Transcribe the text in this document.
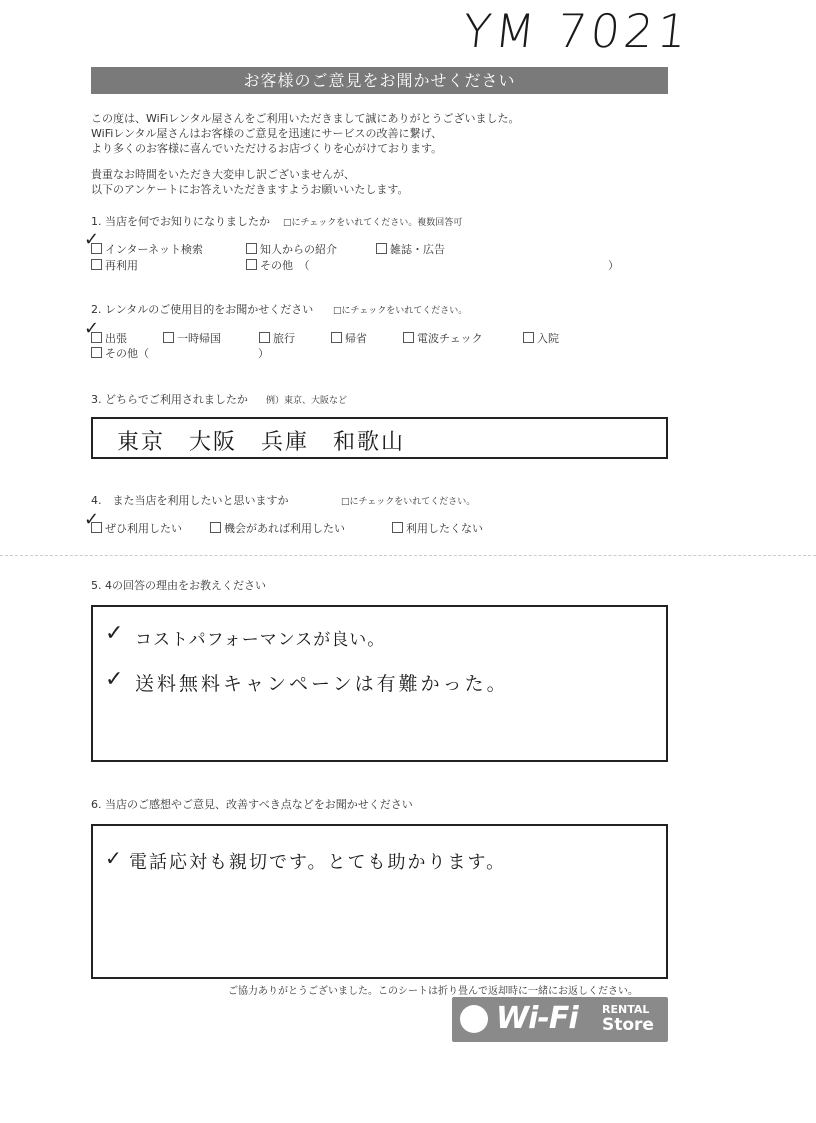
YM 7021
お客様のご意見をお聞かせください
この度は、WiFiレンタル屋さんをご利用いただきまして誠にありがとうございました。
WiFiレンタル屋さんはお客様のご意見を迅速にサービスの改善に繋げ、
より多くのお客様に喜んでいただけるお店づくりを心がけております。
貴重なお時間をいただき大変申し訳ございませんが、
以下のアンケートにお答えいただきますようお願いいたします。
1. 当店を何でお知りになりましたか □にチェックをいれてください。複数回答可
インターネット検索
✓	知人からの紹介	雑誌・広告
再利用	その他　（	）
2. レンタルのご使用目的をお聞かせください □にチェックをいれてください。
✓ 出張	一時帰国	旅行	帰省	電波チェック	入院
その他（	）
3. どちらでご利用されましたか 例）東京、大阪など
東京　大阪　兵庫　和歌山
4.　また当店を利用したいと思いますか	□にチェックをいれてください。
✓ ぜひ利用したい	機会があれば利用したい	利用したくない
5. 4の回答の理由をお教えください
✓ コストパフォーマンスが良い。
✓ 送料無料キャンペーンは有難かった。
6. 当店のご感想やご意見、改善すべき点などをお聞かせください
✓ 電話応対も親切です。とても助かります。
ご協力ありがとうございました。このシートは折り畳んで返却時に一緒にお返しください。
Wi-Fi RENTAL
Store
